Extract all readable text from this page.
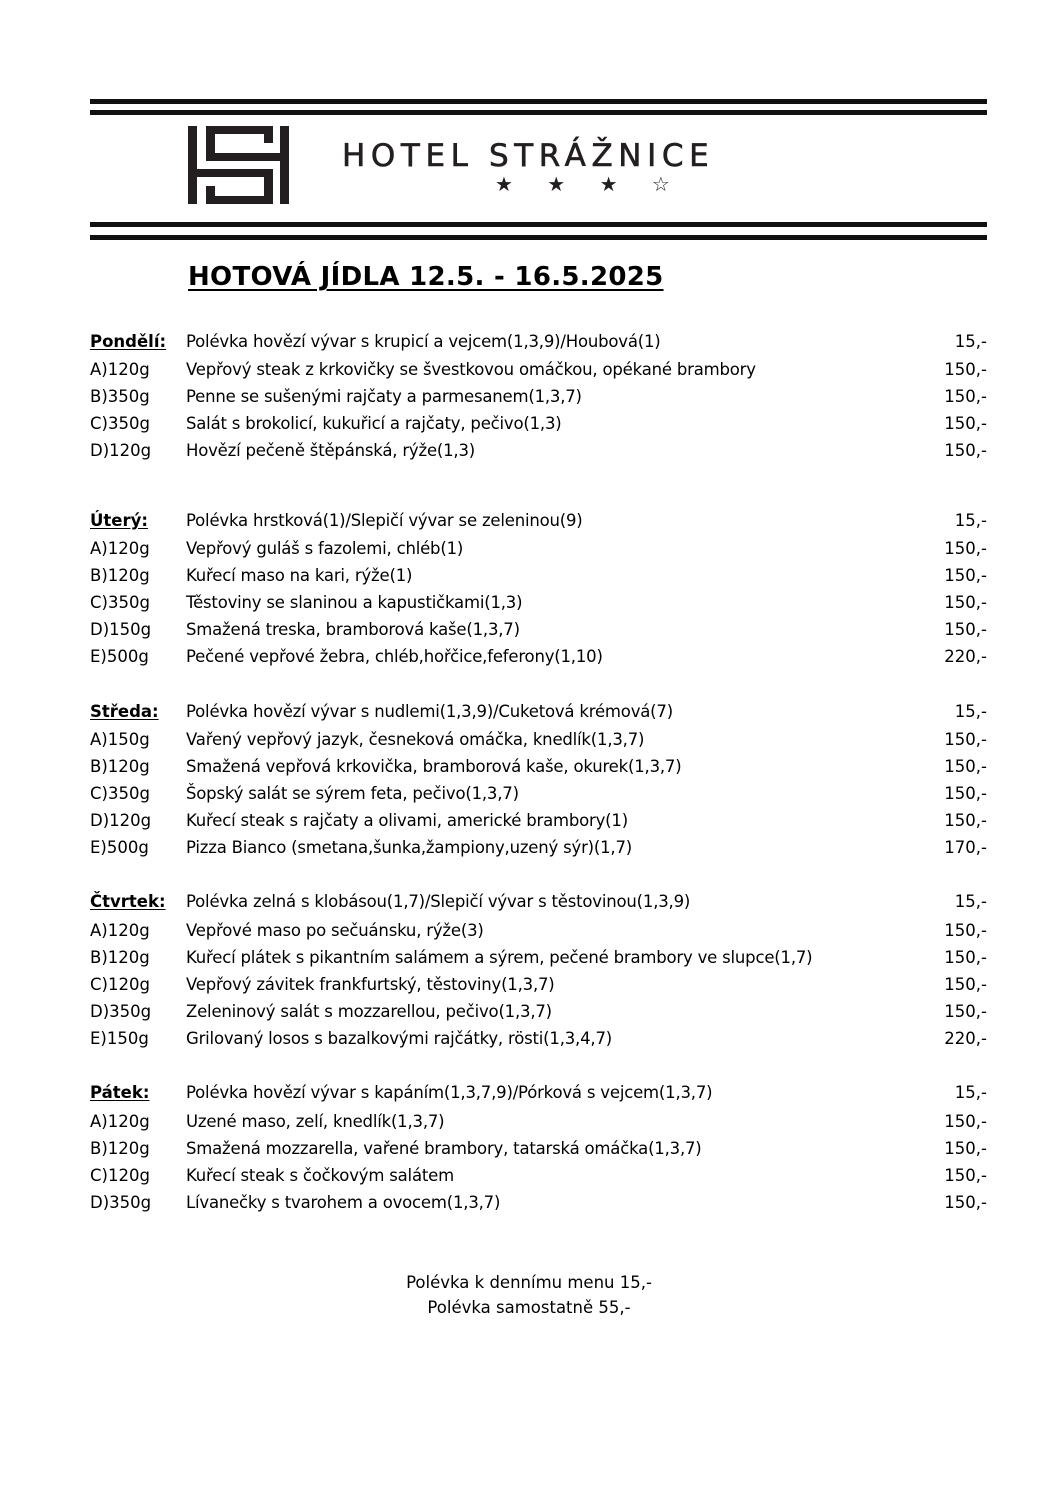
HOTEL STRÁŽNICE
★ ★ ★ ☆
HOTOVÁ JÍDLA 12.5. - 16.5.2025
Pondělí: Polévka hovězí vývar s krupicí a vejcem(1,3,9)/Houbová(1)	15,-
A)120g Vepřový steak z krkovičky se švestkovou omáčkou, opékané brambory	150,-
B)350g Penne se sušenými rajčaty a parmesanem(1,3,7)	150,-
C)350g Salát s brokolicí, kukuřicí a rajčaty, pečivo(1,3)	150,-
D)120g Hovězí pečeně štěpánská, rýže(1,3)	150,-
Úterý: Polévka hrstková(1)/Slepičí vývar se zeleninou(9)	15,-
A)120g Vepřový guláš s fazolemi, chléb(1)	150,-
B)120g Kuřecí maso na kari, rýže(1)	150,-
C)350g Těstoviny se slaninou a kapustičkami(1,3)	150,-
D)150g Smažená treska, bramborová kaše(1,3,7)	150,-
E)500g Pečené vepřové žebra, chléb,hořčice,feferony(1,10)	220,-
Středa: Polévka hovězí vývar s nudlemi(1,3,9)/Cuketová krémová(7)	15,-
A)150g Vařený vepřový jazyk, česneková omáčka, knedlík(1,3,7)	150,-
B)120g Smažená vepřová krkovička, bramborová kaše, okurek(1,3,7)	150,-
C)350g Šopský salát se sýrem feta, pečivo(1,3,7)	150,-
D)120g Kuřecí steak s rajčaty a olivami, americké brambory(1)	150,-
E)500g Pizza Bianco (smetana,šunka,žampiony,uzený sýr)(1,7)	170,-
Čtvrtek: Polévka zelná s klobásou(1,7)/Slepičí vývar s těstovinou(1,3,9)	15,-
A)120g Vepřové maso po sečuánsku, rýže(3)	150,-
B)120g Kuřecí plátek s pikantním salámem a sýrem, pečené brambory ve slupce(1,7)	150,-
C)120g Vepřový závitek frankfurtský, těstoviny(1,3,7)	150,-
D)350g Zeleninový salát s mozzarellou, pečivo(1,3,7)	150,-
E)150g Grilovaný losos s bazalkovými rajčátky, rösti(1,3,4,7)	220,-
Pátek: Polévka hovězí vývar s kapáním(1,3,7,9)/Pórková s vejcem(1,3,7)	15,-
A)120g Uzené maso, zelí, knedlík(1,3,7)	150,-
B)120g Smažená mozzarella, vařené brambory, tatarská omáčka(1,3,7)	150,-
C)120g Kuřecí steak s čočkovým salátem	150,-
D)350g Lívanečky s tvarohem a ovocem(1,3,7)	150,-
Polévka k dennímu menu 15,-
Polévka samostatně 55,-
